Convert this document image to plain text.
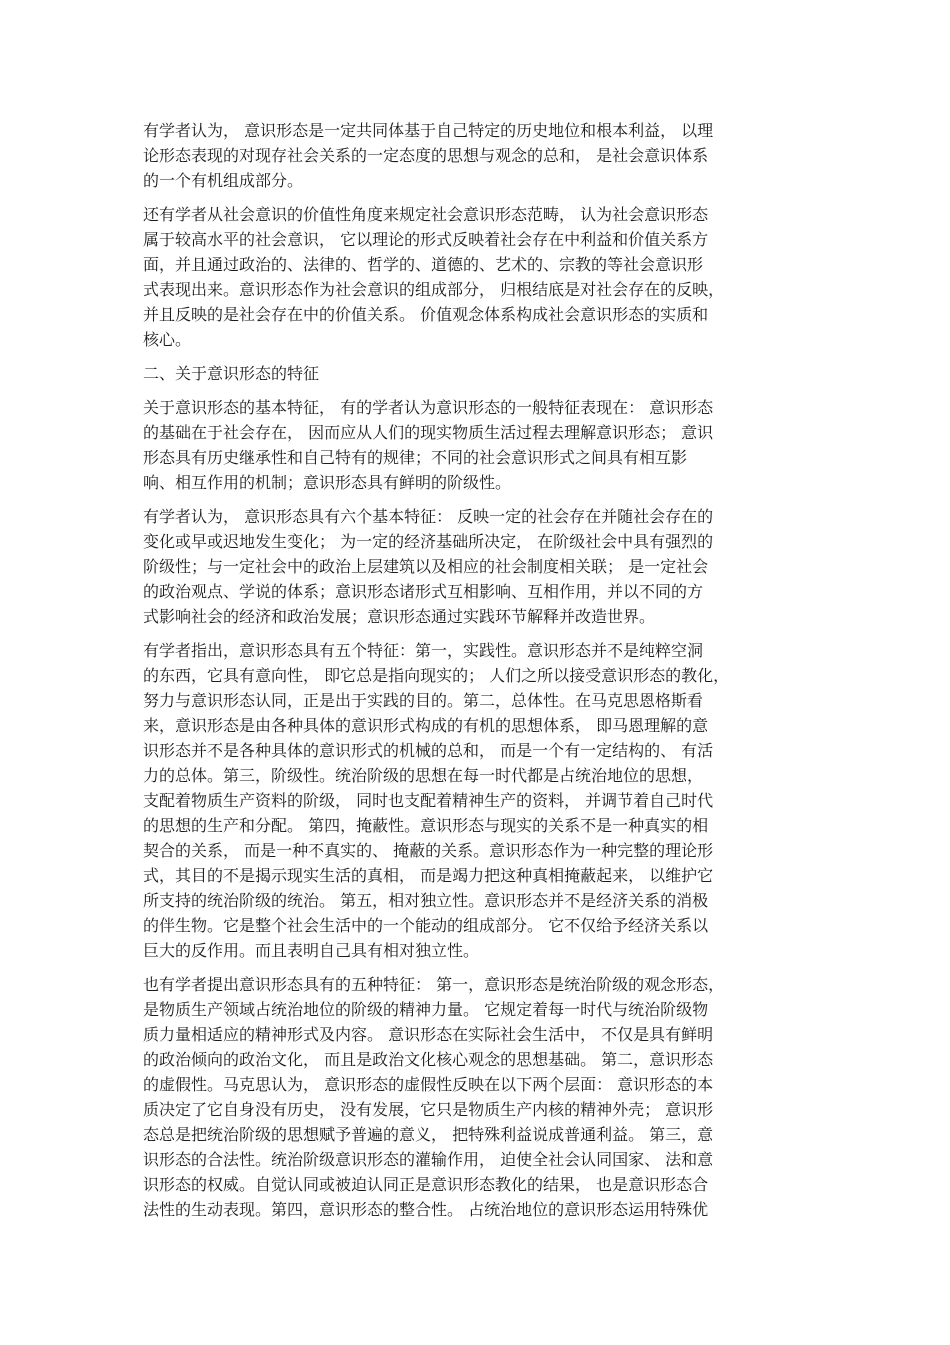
有学者认为， 意识形态是一定共同体基于自己特定的历史地位和根本利益， 以理
论形态表现的对现存社会关系的一定态度的思想与观念的总和， 是社会意识体系
的一个有机组成部分。
还有学者从社会意识的价值性角度来规定社会意识形态范畴， 认为社会意识形态
属于较高水平的社会意识， 它以理论的形式反映着社会存在中利益和价值关系方
面，并且通过政治的、法律的、哲学的、道德的、艺术的、宗教的等社会意识形
式表现出来。意识形态作为社会意识的组成部分， 归根结底是对社会存在的反映，
并且反映的是社会存在中的价值关系。 价值观念体系构成社会意识形态的实质和
核心。
二、关于意识形态的特征
关于意识形态的基本特征， 有的学者认为意识形态的一般特征表现在： 意识形态
的基础在于社会存在， 因而应从人们的现实物质生活过程去理解意识形态； 意识
形态具有历史继承性和自己特有的规律；不同的社会意识形式之间具有相互影
响、相互作用的机制；意识形态具有鲜明的阶级性。
有学者认为， 意识形态具有六个基本特征： 反映一定的社会存在并随社会存在的
变化或早或迟地发生变化； 为一定的经济基础所决定， 在阶级社会中具有强烈的
阶级性；与一定社会中的政治上层建筑以及相应的社会制度相关联； 是一定社会
的政治观点、学说的体系；意识形态诸形式互相影响、互相作用，并以不同的方
式影响社会的经济和政治发展；意识形态通过实践环节解释并改造世界。
有学者指出，意识形态具有五个特征：第一，实践性。意识形态并不是纯粹空洞
的东西，它具有意向性， 即它总是指向现实的； 人们之所以接受意识形态的教化，
努力与意识形态认同，正是出于实践的目的。第二，总体性。在马克思恩格斯看
来，意识形态是由各种具体的意识形式构成的有机的思想体系， 即马恩理解的意
识形态并不是各种具体的意识形式的机械的总和， 而是一个有一定结构的、 有活
力的总体。第三，阶级性。统治阶级的思想在每一时代都是占统治地位的思想，
支配着物质生产资料的阶级， 同时也支配着精神生产的资料， 并调节着自己时代
的思想的生产和分配。 第四，掩蔽性。意识形态与现实的关系不是一种真实的相
契合的关系， 而是一种不真实的、 掩蔽的关系。意识形态作为一种完整的理论形
式，其目的不是揭示现实生活的真相， 而是竭力把这种真相掩蔽起来， 以维护它
所支持的统治阶级的统治。 第五，相对独立性。意识形态并不是经济关系的消极
的伴生物。它是整个社会生活中的一个能动的组成部分。 它不仅给予经济关系以
巨大的反作用。而且表明自己具有相对独立性。
也有学者提出意识形态具有的五种特征： 第一，意识形态是统治阶级的观念形态，
是物质生产领域占统治地位的阶级的精神力量。 它规定着每一时代与统治阶级物
质力量相适应的精神形式及内容。 意识形态在实际社会生活中， 不仅是具有鲜明
的政治倾向的政治文化， 而且是政治文化核心观念的思想基础。 第二，意识形态
的虚假性。马克思认为， 意识形态的虚假性反映在以下两个层面： 意识形态的本
质决定了它自身没有历史， 没有发展，它只是物质生产内核的精神外壳； 意识形
态总是把统治阶级的思想赋予普遍的意义， 把特殊利益说成普通利益。 第三，意
识形态的合法性。统治阶级意识形态的灌输作用， 迫使全社会认同国家、 法和意
识形态的权威。自觉认同或被迫认同正是意识形态教化的结果， 也是意识形态合
法性的生动表现。第四，意识形态的整合性。 占统治地位的意识形态运用特殊优
